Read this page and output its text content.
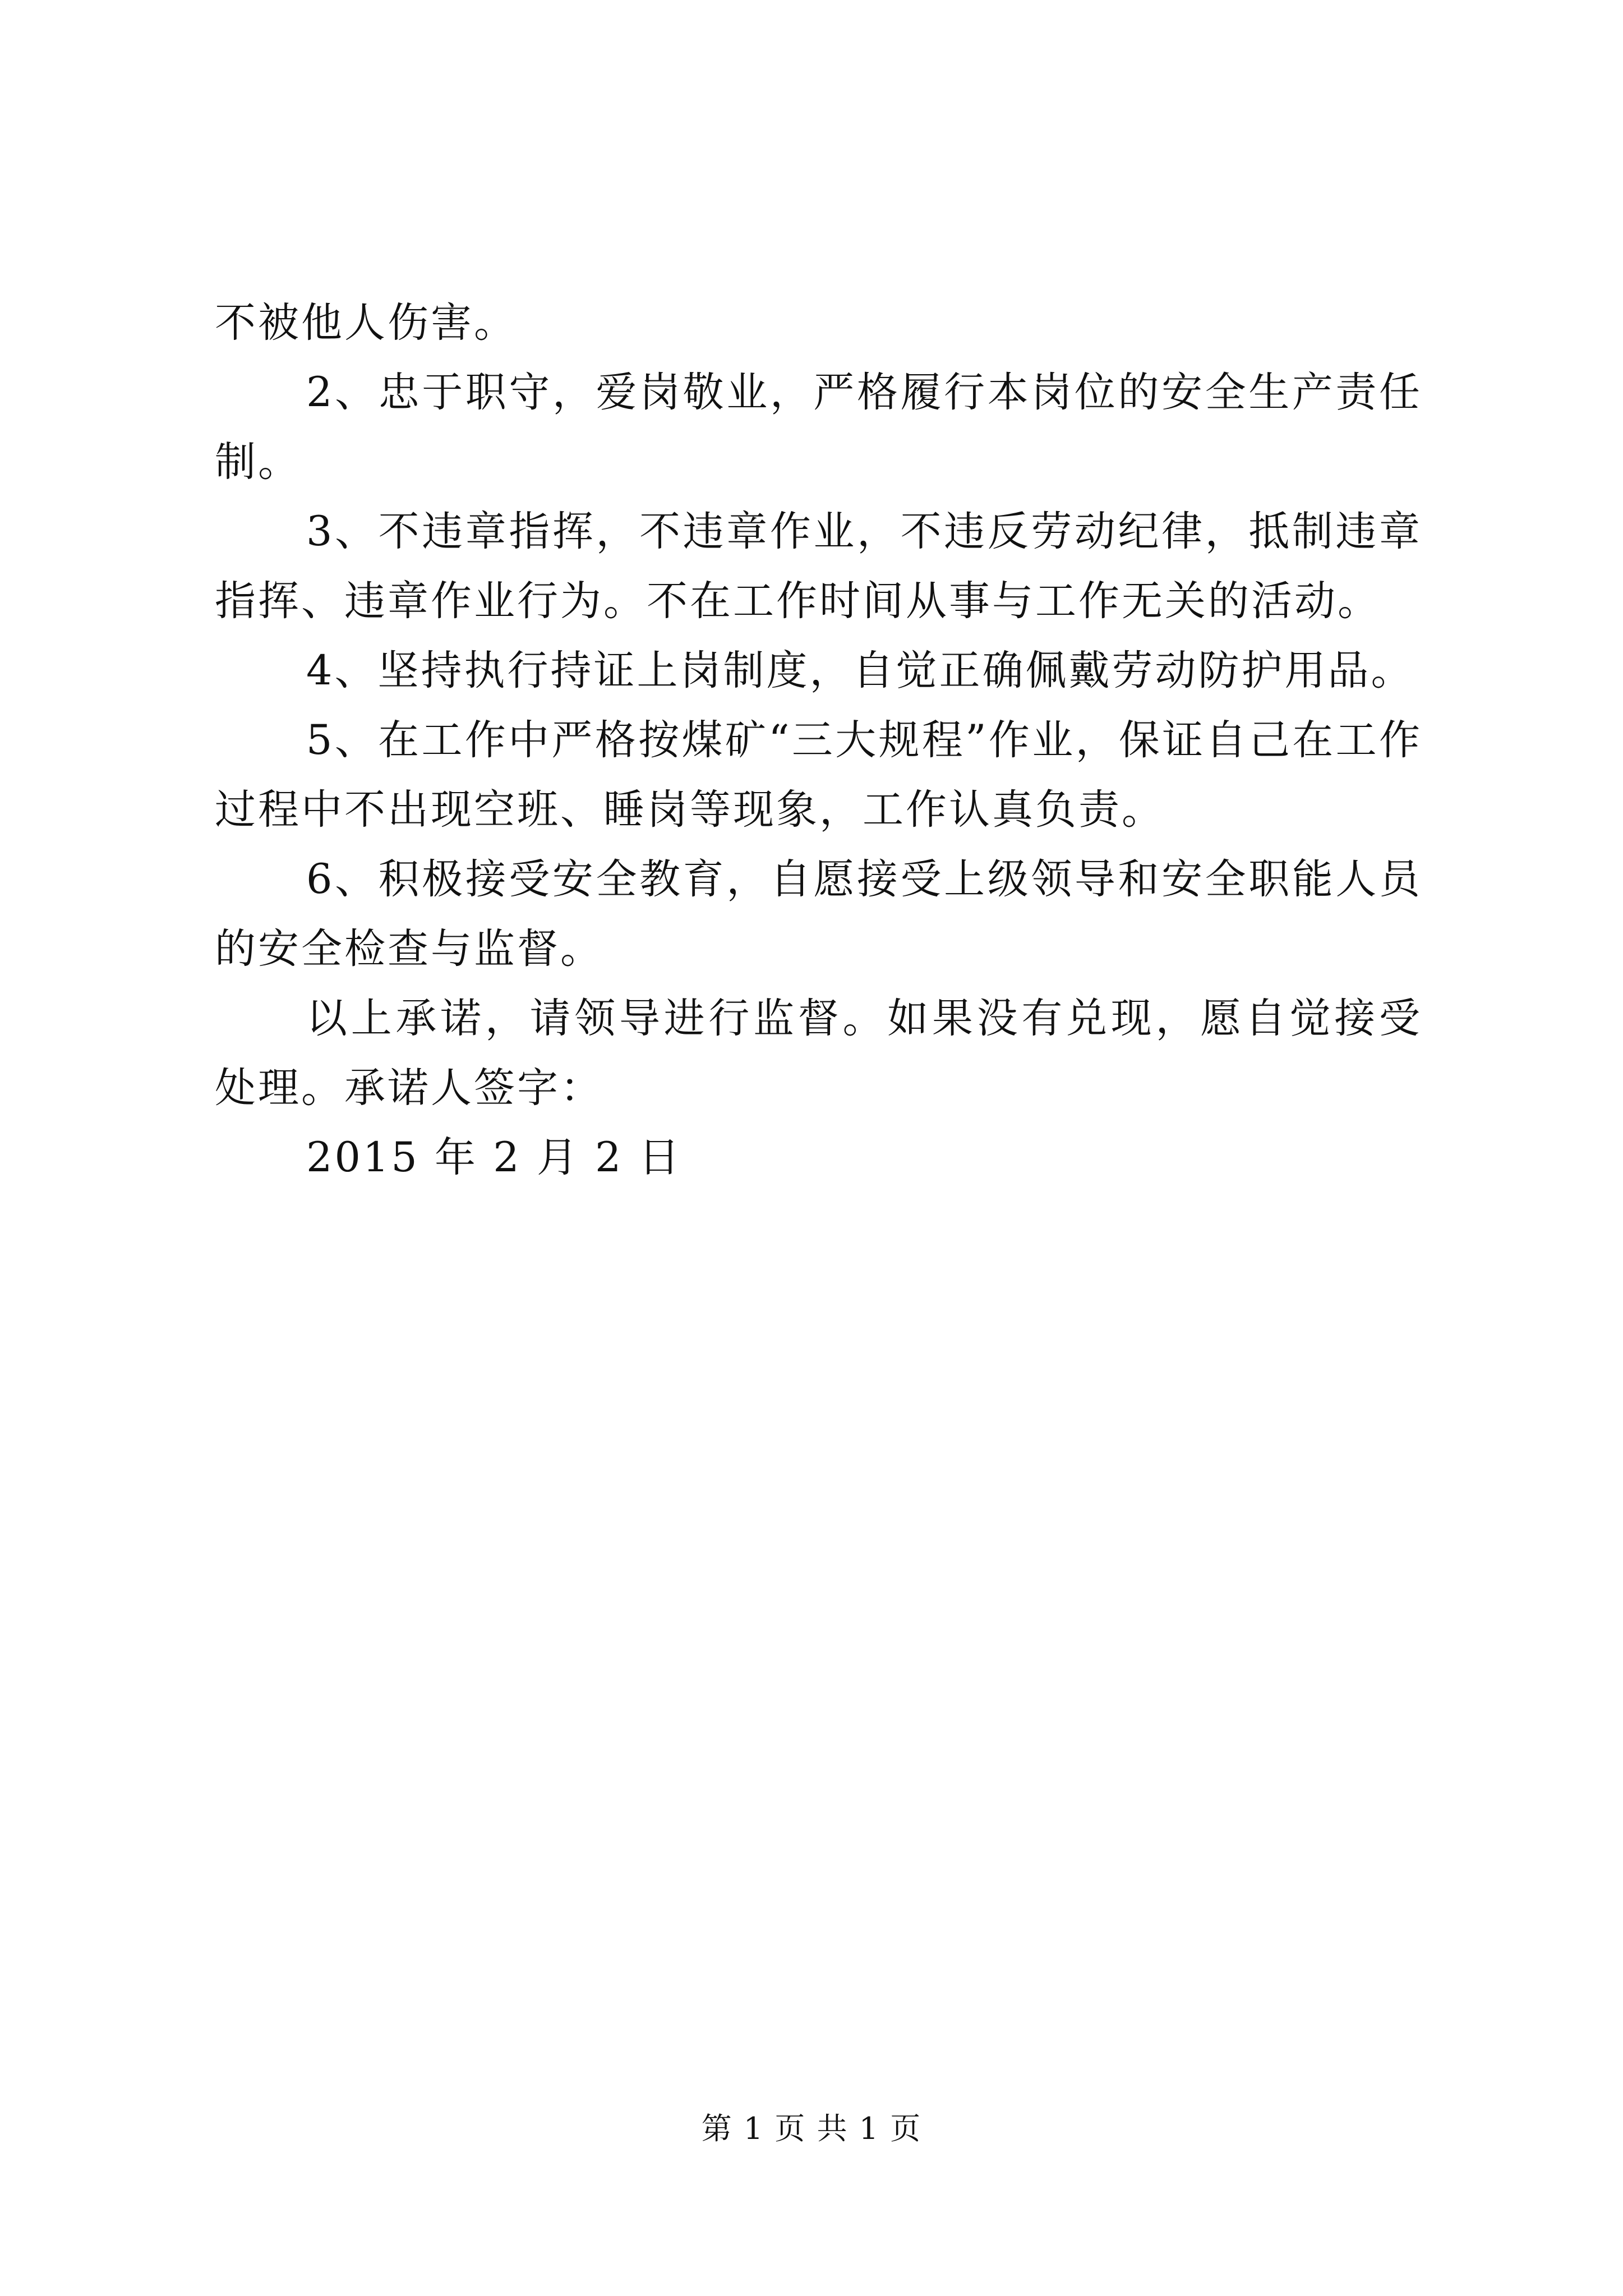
不被他人伤害。

2、忠于职守，爱岗敬业，严格履行本岗位的安全生产责任制。

3、不违章指挥，不违章作业，不违反劳动纪律，抵制违章指挥、违章作业行为。不在工作时间从事与工作无关的活动。

4、坚持执行持证上岗制度，自觉正确佩戴劳动防护用品。

5、在工作中严格按煤矿“三大规程”作业，保证自己在工作过程中不出现空班、睡岗等现象，工作认真负责。

6、积极接受安全教育，自愿接受上级领导和安全职能人员的安全检查与监督。

以上承诺，请领导进行监督。如果没有兑现，愿自觉接受处理。承诺人签字：

2015 年 2 月 2 日

第 1 页 共 1 页
